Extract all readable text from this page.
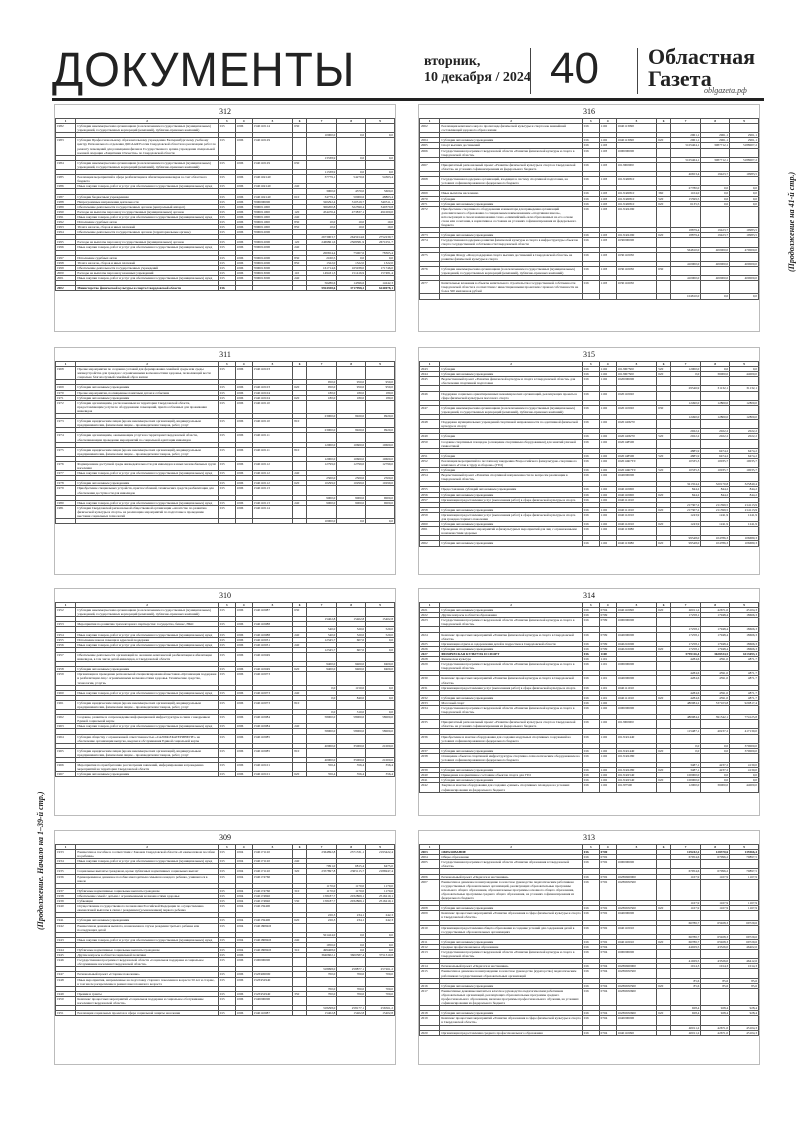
ДОКУМЕНТЫ	вторник,
10 декабря / 2024 40 Областная
Газета
oblgazeta.рф
312
1	2	3	4	5	6	7	8	9
1982	Субсидии некоммерческим организациям (за исключением государственных (муниципальных) учреждений, государственных корпораций (компаний), публично-правовых компаний)	015	1006	1540110114	630			
						10000,0	0,0	0,0
1983	Субсидия Профессиональному образовательному учреждению Екатеринбургскому учебному центру Регионального отделения ДОСААФ России Свердловской области на реализацию работ по ремонту помещений для размещения филиала Государственного архива учреждения специальной военной операции «Защитники Отечества» по Свердловской области	015	1006	1540110129				
						13338,9	0,0	0,0
1984	Субсидии некоммерческим организациям (за исключением государственных (муниципальных) учреждений, государственных корпораций (компаний), публично-правовых компаний)	015	1006	1540110129	630			
						11338,9	0,0	0,0
1985	Реализация мероприятий в сфере реабилитации и абилитации инвалидов за счет областного бюджета	015	1006	154011R140		37779,1	54270,6	54363,4
1986	Иные закупки товаров, работ и услуг для обеспечения государственных (муниципальных) нужд	015	1006	154011R140	240			
						3000,0	4370,0	5600,0
1987	Субсидии бюджетным учреждениям	015	1006	154011R140	610	34779,1	50000,6	48863,4
1988	Непрограммные направления деятельности	015	1006	7000000000		320292,4	310519,7	340311,1
1989	Обеспечение деятельности государственных органов (центральный аппарат)	015	1006	7000011000		306200,8	322590,4	340370,8
1990	Расходы на выплаты персоналу государственных (муниципальных) органов	015	1006	7000011000	120	454476,4	473837,1	491000,0
1991	Иные закупки товаров, работ и услуг для обеспечения государственных (муниципальных) нужд	015	1006	7000011000	240			
1992	Исполнение судебных актов	015	1006	7000011000	830	10,0	10,0	10,0
1993	Уплата налогов, сборов и иных платежей	015	1006	7000011000	850	10,0	10,0	10,0
1994	Обеспечение деятельности государственных органов (территориальные органы)	015	1006	7000012000				
						2673903,7	2645914,6	2752239,7
1995	Расходы на выплаты персоналу государственных (муниципальных) органов	015	1006	7000012000	120	2469861,6	2568381,9	2671051,7
1996	Иные закупки товаров, работ и услуг для обеспечения государственных (муниципальных) нужд	015	1006	7000012000	240			
						200654,4	75067,6	78365,4
1997	Исполнение судебных актов	015	1006	7000012000	830	2160,5	0,0	0,0
1998	Уплата налогов, сборов и иных платежей	015	1006	7000012000	850	1322,0	1322,0	1322,0
1999	Обеспечение деятельности государственных учреждений	015	1006	7000013000		161714,6	165938,0	171746,0
2000	Расходы на выплаты персоналу казенных учреждений	015	1006	7000013000	110	149431,3	151416,9	157481,4
2001	Иные закупки товаров, работ и услуг для обеспечения государственных (муниципальных) нужд	015	1006	7000013000	240			
						56286,6	14396,6	14242,3
2002	Министерство физической культуры и спорта Свердловской области	016				5924358,6	3717998,2	6240078,1
316
1	2	3	4	5	6	7	8	9
2062	Реализация комплекса мер по пропаганде физической культуры и спорта как важнейшей составляющей здорового образа жизни	016	1102	1640113090				
						2961,1	2961,1	2961,1
2064	Субсидии автономным учреждениям	016	1102	1640113090	620	2961,1	2961,1	2961,1
2065	Спорт высших достижений	016	1103			5105464,1	3087712,1	5188007,2
2066	Государственная программа Свердловской области «Развитие физической культуры и спорта в Свердловской области»	016	1103	1600000000				
						5105464,1	3087712,1	5188007,2
2067	Приоритетный региональный проект «Развитие физической культуры и спорта в Свердловской области» на условиях софинансирования из федерального бюджета	016	1103	161J000000				
						46653,4	19423,7	19983,5
2068	Государственная поддержка организаций, входящих в систему спортивной подготовки, на условиях софинансирования из федерального бюджета	016	1103	161J1R0810				
						27780,0	0,0	0,0
2069	Иные выплаты населению	016	1103	161J1R0810	360	1104,0	0,0	0,0
2070	Субсидии	016	1103	161J1R0810	520	15599,5	0,0	0,0
2071	Субсидии автономным учреждениям	016	1103	161J1R0810	620	6135,5	0,0	0,0
2072	Приобретение спортивного оборудования и инвентаря для приведения организаций дополнительного образования со специальным наименованием «спортивная школа», использующих в своем наименовании слово «олимпийский» или образованных на его основе слова или сочетания, в нормативное состояние на условиях софинансирования из федерального бюджета	016	1103	161J1R2290				
						18879,4	19423,7	19983,5
2073	Субсидии автономным учреждениям	016	1103	161J1R2290	620	18879,4	19423,7	19983,5
2074	Государственная поддержка развития физической культуры и спорта в инфраструктуры объектов спорта государственной собственности Свердловской области	016	1103	1630000000				
						564810,0	400000,0	470000,0
2075	Субсидии Фонду «Фонд поддержки спорта высших достижений в Свердловской области» на развитие физической культуры и спорта	016	1103	1630110030				
						410000,0	400000,0	400000,0
2076	Субсидии некоммерческим организациям (за исключением государственных (муниципальных) учреждений, государственных корпораций (компаний), публично-правовых компаний)	016	1103	1630110030	630			
						410000,0	400000,0	400000,0
2077	Капитальные вложения в объекты капитального строительства государственной собственности Свердловской области в соответствии с инвестиционными проектами с правом собственности не более 500 миллионов рублей	016	1103	1630116030				
						104810,0	0,0	0,0
311
1	2	3	4	5	6	7	8	9
1968	Прочие мероприятия по созданию условий для формирования семейной среды или среды жизнеустройства для граждан с ограниченными возможностями здоровья, позволяющей вести социально благополучный семейный образ жизни	015	1006	1540110103				
						950,0	950,0	950,0
1969	Субсидии автономным учреждениям	015	1006	1540110103	620	950,0	950,0	950,0
1970	Прочие мероприятия, посвященные памятным датам и событиям	015	1006	1540110104		180,0	180,0	180,0
1971	Субсидии автономным учреждениям	015	1006	1540110104	620	180,0	180,0	180,0
1972	Субсидии организациям, расположенным на территории Свердловской области, предоставляющим услуги по оборудованию помещений, приспособленных для проживания инвалидов	015	1006	1540110110				
						23000,0	9920,0	9920,0
1973	Субсидии юридическим лицам (кроме некоммерческих организаций), индивидуальным предпринимателям, физическим лицам – производителям товаров, работ, услуг	015	1006	1540110110	810			
						23000,0	9920,0	9920,0
1974	Субсидии организациям, оказывающим услуги на территории Свердловской области, обеспечивающим проведение мероприятий по социальной адаптации инвалидов	015	1006	1540110111				
						12000,0	10600,0	10600,0
1975	Субсидии юридическим лицам (кроме некоммерческих организаций), индивидуальным предпринимателям, физическим лицам – производителям товаров, работ, услуг	015	1006	1540110111	810			
						12000,0	10600,0	10600,0
1976	Формирование доступной среды жизнедеятельности для инвалидов и иных маломобильных групп населения	015	1006	1540110112		12799,0	12799,0	12799,0
1977	Иные закупки товаров, работ и услуг для обеспечения государственных (муниципальных) нужд	015	1006	1540110112	240			
						2500,0	2500,0	2500,0
1978	Субсидии автономным учреждениям	015	1006	1540110112	620	10299,0	10299,0	10299,0
1979	Приобретение специальных устройств, приспособлений, технических средств реабилитации для обеспечения доступности для инвалидов	015	1006	1540110113				
						9000,0	9000,0	9000,0
1980	Иные закупки товаров, работ и услуг для обеспечения государственных (муниципальных) нужд	015	1006	1540110113	240	9000,0	9000,0	9000,0
1981	Субсидия Свердловской региональной общественной организации «Агентство по развитию физической культуры и спорта» на реализацию мероприятий по подготовке к проведению выставки социальных технологий	015	1006	1540110114				
						10000,0	0,0	0,0
315
1	2	3	4	5	6	7	8	9
2043	Субсидии	016	1102	161J067500	520	12000,0	0,0	0,0
2044	Субсидии автономным учреждениям	016	1102	161J067500	620	0,0	36000,0	44000,0
2045	Ведомственный проект «Развитие физической культуры и спорта в Свердловской области» для обеспечения спортивной подготовки	016	1102	1620000000				
						29546,9	31132,1	31132,1
2046	Поддержка социально ориентированных некоммерческих организаций, реализующих проекты в сфере физической культуры и массового спорта	016	1102	1620110020				
						12490,0	12800,0	12800,0
2047	Субсидии некоммерческим организациям (за исключением государственных (муниципальных) учреждений, государственных корпораций (компаний), публично-правовых компаний)	016	1102	1620110020	630			
						12490,0	12800,0	12800,0
2048	Поддержка муниципальных учреждений спортивной направленности по адаптивной физической культуре и спорту	016	1102	162014И270				
						2022,2	2022,2	2022,2
2049	Субсидии	016	1102	162014И270	520	2022,2	2022,2	2022,2
2050	Создание спортивных площадок (оснащение спортивным оборудованием) для занятий уличной гимнастикой	016	1102	1620148500				
						4885,9	6474,2	6474,2
2051	Субсидии	016	1102	1620148500	520	4885,9	6474,2	6474,2
2052	Реализация мероприятий по поэтапному внедрению Всероссийского физкультурно-спортивного комплекса «Готов к труду и обороне» (ГТО)	016	1102	162014Ф7Т0		10335,3	10035,7	10035,7
2053	Субсидии	016	1102	162014Ф7Т0	520	10335,3	10035,7	10035,7
2054	Ведомственный проект «Развитие спортивной направленности по вопросам реализации в Свердловской области»	016	1102	1640000000				
						321354,2	320170,8	325840,4
2055	Предоставление субсидий автономным учреждениям	016	1102	1640110000		844,2	844,2	844,2
2056	Субсидии автономным учреждениям	016	1102	1640110000	620	844,2	844,2	844,2
2057	Организация предоставления услуг (выполнения работ) в сфере физической культуры и спорта	016	1102	1640111010				
						217307,2	211399,5	214113,9
2058	Субсидии автономным учреждениям	016	1102	1640111010	620	217307,2	211399,5	214113,9
2059	Организация предоставления услуг (выполнения работ) в сфере физической культуры и спорта для граждан старшего поколения	016	1102	1640112010		1243,9	1241,9	1241,9
2060	Субсидии автономным учреждениям	016	1102	1640112010	620	1243,9	1241,9	1241,9
2061	Проведение спортивных мероприятий и физкультурных мероприятий для лиц с ограниченными возможностями здоровья	016	1102	1640113080				
						99548,0	104786,3	106680,3
2062	Субсидии автономным учреждениям	016	1102	1640113080	620	99548,0	104786,3	106680,3
310
1	2	3	4	5	6	7	8	9
1952	Субсидии некоммерческим организациям (за исключением государственных (муниципальных) учреждений, государственных корпораций (компаний), публично-правовых компаний)	015	1006	1540110087	630			
						15402,8	15402,8	15402,8
1953	Мероприятия по развитию трехсекторного партнерства: государство, бизнес, НКО	015	1006	1540110088				
						540,0	520,0	520,0
1954	Иные закупки товаров, работ и услуг для обеспечения государственных (муниципальных) нужд	015	1006	1540110088	240	540,0	520,0	520,0
1955	Исполнение наказа помощи и адресной поддержки	015	1006	1540110031		12345,7	607,0	0,0
1956	Иные закупки товаров, работ и услуг для обеспечения государственных (муниципальных) нужд	015	1006	1540110031	240			
						12345,7	607,0	0,0
1957	Обеспечение деятельности организаций по оказанию комплексной реабилитации и абилитации инвалидов, в том числе детей-инвалидов, в Свердловской области	015	1006	1540110049				
						9400,0	9400,0	9400,0
1958	Субсидии автономным учреждениям	015	1006	1540110049	620	9400,0	9400,0	9400,0
1959	Организация и проведение региональной специализированной выставки «Организация поддержки и реабилитации лиц с ограниченными возможностями здоровья. Технические средства, технологии, услуги»	015	1006	1540110073				
						0,0	1150,0	0,0
1960	Иные закупки товаров, работ и услуг для обеспечения государственных (муниципальных) нужд	015	1006	1540110073	240			
						0,0	840,0	0,0
1961	Субсидии юридическим лицам (кроме некоммерческих организаций), индивидуальным предпринимателям, физическим лицам – производителям товаров, работ, услуг	015	1006	1540110073	810			
						0,0	310,0	0,0
1962	Создание, развитие и сопровождение информационной инфраструктуры в связи с внедрением Единой социальной карты	015	1006	1540110084		58000,0	58000,0	58000,0
1963	Иные закупки товаров, работ и услуг для обеспечения государственных (муниципальных) нужд	015	1006	1540110084	240			
						58000,0	58000,0	58000,0
1964	Субсидия обществу с ограниченной ответственностью «САЛИФ-ЕКАТЕРИНБУРГ» на обеспечение организации выпуска, выдачи и обслуживания Единой социальной карты	015	1006	1540110085				
						40000,0	35000,0	21000,0
1965	Субсидии юридическим лицам (кроме некоммерческих организаций), индивидуальным предпринимателям, физическим лицам – производителям товаров, работ, услуг	015	1006	1540110085	810			
						40000,0	35000,0	21000,0
1966	Мероприятия по приобретению рассмотрения заявлений, информирования и проведению мероприятий на территории Свердловской области	015	1006	1540110101		356,4	356,4	356,4
1967	Субсидии автономным учреждениям	015	1006	1540110101	620	356,4	356,4	356,4
314
1	2	3	4	5	6	7	8	9
2021	Субсидии автономным учреждениям	016	0704	1640110090	620	40011,2	42671,0	45104,3
2022	Другие вопросы в области образования	016	0709			17258,1	17948,4	18666,3
2023	Государственная программа Свердловской области «Развитие физической культуры и спорта в Свердловской области»	016	0709	1600000000				
						17258,1	17948,4	18666,3
2024	Комплекс процессных мероприятий «Развитие физической культуры и спорта в Свердловской области»	016	0709	1640000000		17258,1	17948,4	18666,3
2025	Организация отдыха и оздоровления детей и подростков в Свердловской области	016	0709	1640210000		17258,1	17948,4	18666,3
2026	Субсидии автономным учреждениям	016	0709	1640210000	620	17258,1	17948,4	18666,3
2027	ФИЗИЧЕСКАЯ КУЛЬТУРА И СПОРТ	016	1100			5795116,4	3628334,5	6113693,1
2028	Физическая культура	016	1101			4284,6	4591,0	4871,7
2029	Государственная программа Свердловской области «Развитие физической культуры и спорта в Свердловской области»	016	1101	1600000000				
						4284,6	4591,0	4871,7
2030	Комплекс процессных мероприятий «Развитие физической культуры и спорта в Свердловской области»	016	1101	1640000000		4284,6	4591,0	4871,7
2031	Организация предоставления услуг (выполнения работ) в сфере физической культуры и спорта	016	1101	1640111010				
						4284,6	4591,0	4871,7
2032	Субсидии автономным учреждениям	016	1101	1640111010	620	4284,6	4591,0	4871,7
2033	Массовый спорт	016	1102			480084,2	537103,8	920817,4
2034	Государственная программа Свердловской области «Развитие физической культуры и спорта в Свердловской области»	016	1102	1600000000				
						480084,2	391542,1	774125,8
2035	Приоритетный региональный проект «Развитие физической культуры и спорта в Свердловской области» на условиях софинансирования из федерального бюджета	016	1102	161J000000				
						115487,1	40237,2	417130,0
2036	Приобретение и монтаж оборудования для создания модульных спортивных сооружений на условиях софинансирования из федерального бюджета	016	1102	161J1R1440				
						0,0	0,0	370000,0
2037	Субсидии автономным учреждениям	016	1102	161J1R1440	620	0,0	0,0	370000,0
2038	Оснащение объектов спортивной инфраструктуры спортивно-технологическим оборудованием на условиях софинансирования из федерального бюджета	016	1102	161J1R2280				
						3487,1	4237,2	4130,0
2039	Субсидии автономным учреждениям	016	1102	161J1R2280	620	3487,1	4237,2	4130,0
2040	Приведение в нормативное состояние объектов спорта для ГТО	016	1102	161J1R2540		100000,0	0,0	0,0
2041	Субсидии автономным учреждениям	016	1102	161J1R2540	620	100000,0	0,0	0,0
2042	Закупка и монтаж оборудования для создания «умных» спортивных площадок на условиях софинансирования из федерального бюджета	016	1102	161J07500		12000,0	36000,0	44000,0
309
1	2	3	4	5	6	7	8	9
1933	Ежемесячное пособие в соответствии с Законом Свердловской области «О ежемесячном пособии на ребенка»	015	1004	1540171120		2364892,8	2371331,1	2193422,4
1934	Иные закупки товаров, работ и услуг для обеспечения государственных (муниципальных) нужд	015	1004	1540171120	240			
						7991,0	6815,4	6475,0
1935	Социальные выплаты гражданам, кроме публичных нормативных социальных выплат	015	1004	1540171120	320	2357897,8	2365115,7	2186947,4
1936	Единовременное денежное пособие многодетным семьям на каждого ребенка, учившегося в школе	015	1004	1540174760				
						1170,0	1170,0	1170,0
1937	Публичные нормативные социальные выплаты гражданам	015	1004	1540174760	310	1170,0	1170,0	1170,0
1938	Обеспечение семей с детьми с ограниченными возможностями здоровья	015	1004	1540174840		158187,7	2032869,1	2516219,1
1939	Субвенции	015	1004	1540174840	530	158187,7	2032869,1	2516219,1
1940	Осуществление государственного полномочия Российской Федерации по осуществлению ежемесячной выплаты в связи с рождением (усыновлением) первого ребенка	015	1004	1540159400				
						226,3	234,1	242,3
1941	Субсидии автономным учреждениям	015	1004	1540159400	620	226,3	234,1	242,3
1942	Ежемесячная денежная выплата, назначаемая в случае рождения третьего ребенка или последующих детей	015	1004	154018084И				
						501424,0	0,0	0,0
1943	Иные закупки товаров, работ и услуг для обеспечения государственных (муниципальных) нужд	015	1004	154018084И	240			
						1956,0	0,0	0,0
1944	Публичные нормативные социальные выплаты гражданам	015	1004	154018084И	310	499468,0	0,0	0,0
1945	Другие вопросы в области социальной политики	015	1006			3640602,1	3600587,4	3751310,8
1946	Государственная программа Свердловской области «Социальная поддержка и социальное обслуживание населения Свердловской области»	015	1006	1500000000				
						318998,0	258877,1	257261,2
1947	Региональный проект «Старшее поколение»	015	1006	152P400000		700,0	700,0	700,0
1948	Иные мероприятия, направленные на подготовку старшего поколения в возрасте 50 лет и старше, в том числе раскрепление в рамках школ пожилого возраста	015	1006	152P452940				
						700,0	700,0	700,0
1949	Премии и гранты	015	1006	152P452940	350	700,0	700,0	700,0
1950	Комплекс процессных мероприятий «Социальная поддержка и социальное обслуживание населения Свердловской области»	015	1006	1540000000				
						318298,0	258177,1	256561,2
1951	Реализация социальных проектов в сфере социальной защиты населения	015	1006	1540110087		15402,8	15402,8	15402,8
313
1	2	3	4	5	6	7	8	9
2003	ОБРАЗОВАНИЕ	016	0700			129242,2	128370,6	135966,4
2004	Общее образование	016	0702			67954,6	67096,2	70897,5
2005	Государственная программа Свердловской области «Развитие образования в Свердловской области»	016	0702	1600000000				
						67954,6	67096,2	70897,5
2006	Региональный проект «Педагоги и наставники»	016	0702	162Ю600000		1167,9	1167,9	1167,9
2007	Ежемесячное денежное вознаграждение за классное руководство педагогическим работникам государственных образовательных организаций, реализующих образовательные программы начального общего образования, образовательные программы основного общего образования, образовательные программы среднего общего образования, на условиях софинансирования из федерального бюджета	016	0702	162Ю650500				
						1167,9	1167,9	1167,9
2008	Субсидии автономным учреждениям	016	0702	162Ю650500	620	1167,9	1167,9	1167,9
2009	Комплекс процессных мероприятий «Развитие образования в сфере физической культуры и спорта в Свердловской области»	016	0702	1640000000				
						66786,7	65928,3	69729,6
2010	Организация предоставления общего образования и создание условий для содержания детей в государственных образовательных организациях	016	0702	1640110010				
						66786,7	65928,3	69729,6
2011	Субсидии автономным учреждениям	016	0702	1640110010	620	66786,7	65928,3	69729,6
2012	Среднее профессиональное образование	016	0704			44029,5	43326,0	46402,6
2013	Государственная программа Свердловской области «Развитие физической культуры и спорта в Свердловской области»	016	0704	1600000000				
						41029,5	43326,0	46412,6
2014	Региональный проект «Педагоги и наставники»	016	0704	162Ю600000		1014,3	1014,3	1014,3
2015	Ежемесячное денежное вознаграждение за классное руководство (кураторство) педагогическим работникам государственных образовательных организаций	016	0704	162Ю650500				
						85,6	85,6	85,6
2016	Субсидии автономным учреждениям	016	0704	162Ю650500	620	85,6	85,6	85,6
2017	Ежемесячные денежные выплаты в классное руководство педагогическим работникам образовательных организаций, реализующих образовательные программы среднего профессионального образования, включая программы профессионального обучения, на условиях софинансирования из федерального бюджета	016	0704	162Ю650600				
						928,4	928,4	928,4
2018	Субсидии автономным учреждениям	016	0704	162Ю650600	620	928,4	928,4	928,4
2019	Комплекс процессных мероприятий «Развитие образования в сфере физической культуры и спорта в Свердловской области»	016	0704	1640000000				
						40011,2	42671,0	45104,3
2020	Организация предоставления среднего профессионального образования	016	0704	1640110090		40011,2	42671,0	45104,3
(Продолжение на 41-й стр.)
(Продолжение. Начало на 1–39-й стр.)
